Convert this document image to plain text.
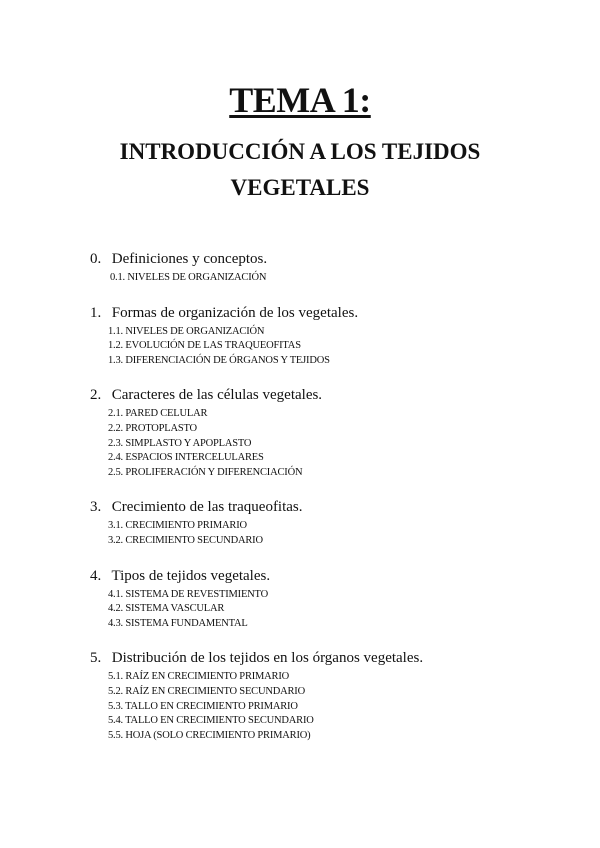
TEMA 1:
INTRODUCCIÓN A LOS TEJIDOS
VEGETALES
0. Definiciones y conceptos.
0.1. NIVELES DE ORGANIZACIÓN
1. Formas de organización de los vegetales.
1.1. NIVELES DE ORGANIZACIÓN
1.2. EVOLUCIÓN DE LAS TRAQUEOFITAS
1.3. DIFERENCIACIÓN DE ÓRGANOS Y TEJIDOS
2. Caracteres de las células vegetales.
2.1. PARED CELULAR
2.2. PROTOPLASTO
2.3. SIMPLASTO Y APOPLASTO
2.4. ESPACIOS INTERCELULARES
2.5. PROLIFERACIÓN Y DIFERENCIACIÓN
3. Crecimiento de las traqueofitas.
3.1. CRECIMIENTO PRIMARIO
3.2. CRECIMIENTO SECUNDARIO
4. Tipos de tejidos vegetales.
4.1. SISTEMA DE REVESTIMIENTO
4.2. SISTEMA VASCULAR
4.3. SISTEMA FUNDAMENTAL
5. Distribución de los tejidos en los órganos vegetales.
5.1. RAÍZ EN CRECIMIENTO PRIMARIO
5.2. RAÍZ EN CRECIMIENTO SECUNDARIO
5.3. TALLO EN CRECIMIENTO PRIMARIO
5.4. TALLO EN CRECIMIENTO SECUNDARIO
5.5. HOJA (SOLO CRECIMIENTO PRIMARIO)
